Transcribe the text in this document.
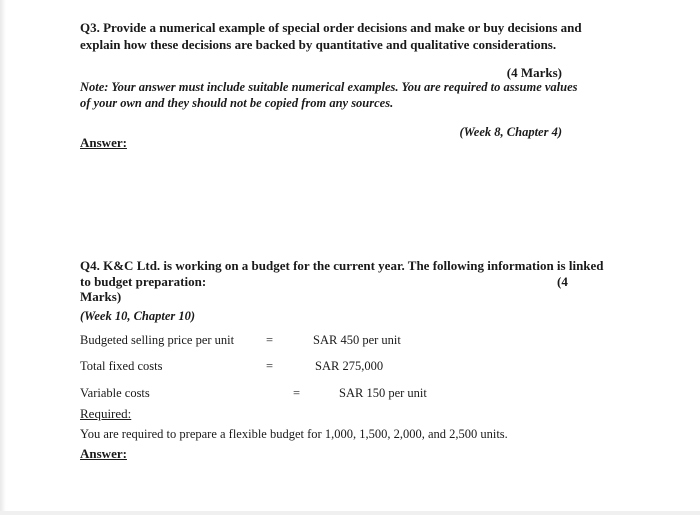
Q3. Provide a numerical example of special order decisions and make or buy decisions and
explain how these decisions are backed by quantitative and qualitative considerations.
(4 Marks)
Note: Your answer must include suitable numerical examples. You are required to assume values
of your own and they should not be copied from any sources.
(Week 8, Chapter 4)
Answer:
Q4. K&C Ltd. is working on a budget for the current year. The following information is linked
to budget preparation:	(4
Marks)
(Week 10, Chapter 10)
Budgeted selling price per unit	=	SAR 450 per unit
Total fixed costs	=	SAR 275,000
Variable costs	=	SAR 150 per unit
Required:
You are required to prepare a flexible budget for 1,000, 1,500, 2,000, and 2,500 units.
Answer:
